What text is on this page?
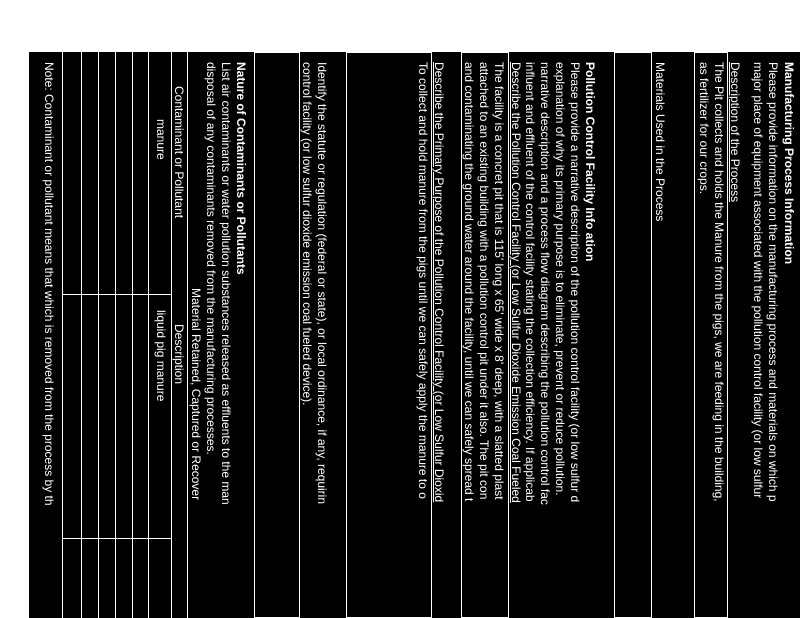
Manufacturing Process Information
Please provide information on the manufacturing process and materials on which p
major place of equipment associated with the pollution control facility (or low sulfur
Description of the Process
The Pit collects and holds the Manure from the pigs, we are feeding in the building,
as fertilizer for our crops.
Materials Used in the Process
Pollution Control Facility Info ation
Please provide a narrative description of the pollution control facility (or low sulfur d
explanation of why its primary purpose is to eliminate, prevent or reduce pollution.
narrative description and a process flow diagram describing the pollution control fac
influent and effluent of the control facility stating the collection efficiency. If applicab
Describe the Pollution Control Facility (or Low Sulfur Dioxide Emission Coal Fueled
The facility is a concret pit that is 115' long x 65' wide x 8' deep, with a slatted plast
attached to an existing building with a pollution control pit under it also. The pit con
and contaminating the ground water around the facility, until we can safely spread t
Describe the Primary Purpose of the Pollution Control Facility (or Low Sulfur Dioxid
To collect and hold manure from the pigs until we can safely apply the manure to o
Identify the statute or regulation (federal or state), or local ordinance, if any, requirin
control facility (or low sulfur dioxide emission coal fueled device).
Nature of Contaminants or Pollutants
List air contaminants or water pollution substances released as effluents to the man
disposal of any contaminants removed from the manufacturing processes.
Material Retained, Captured or Recover
Contaminant or Pollutant
Description
manure
liquid pig manure
Note: Contaminant or pollutant means that which is removed from the process by th
